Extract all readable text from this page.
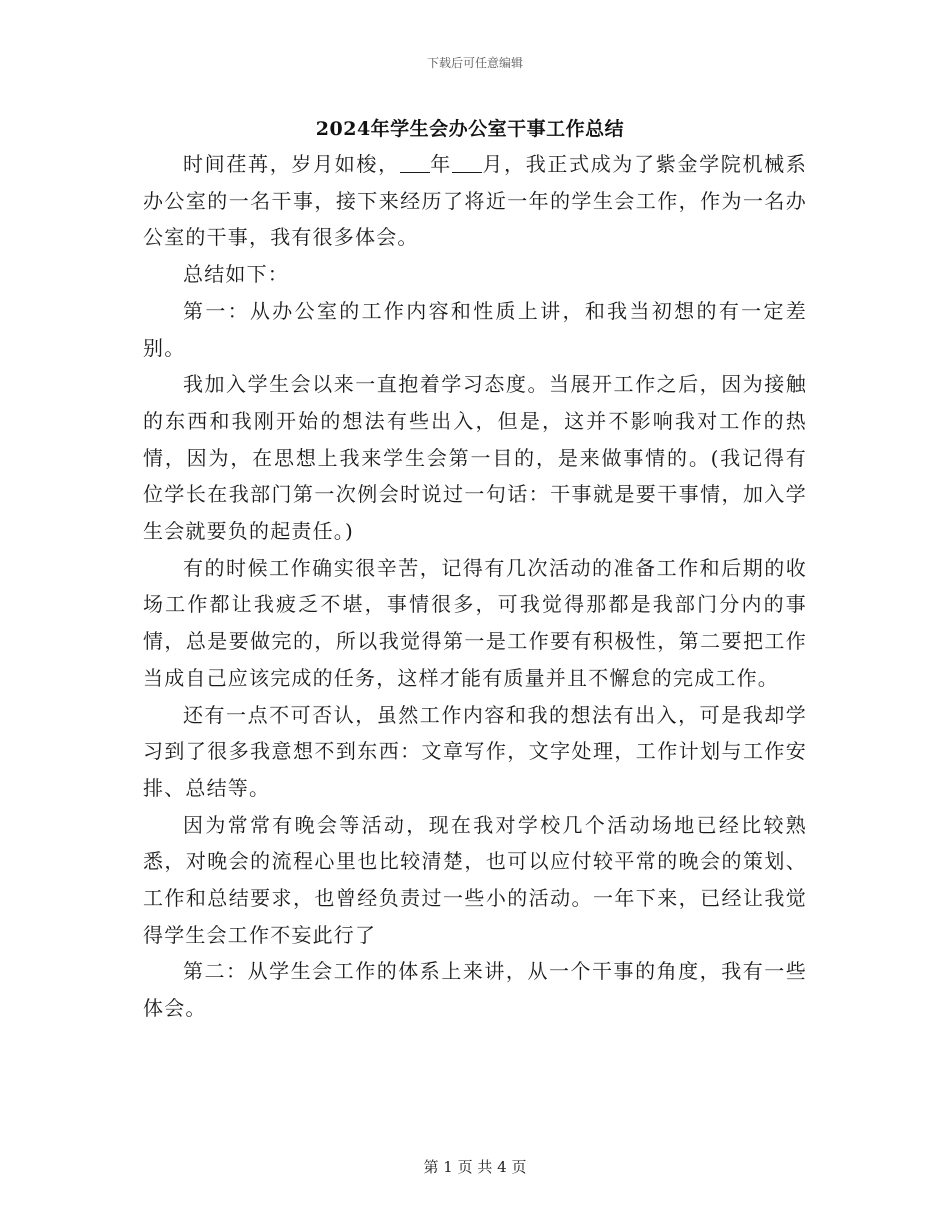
下载后可任意编辑
2024年学生会办公室干事工作总结

时间荏苒，岁月如梭， 年 月，我正式成为了紫金学院机械系办公室的一名干事，接下来经历了将近一年的学生会工作，作为一名办公室的干事，我有很多体会。

总结如下：

第一：从办公室的工作内容和性质上讲，和我当初想的有一定差别。

我加入学生会以来一直抱着学习态度。当展开工作之后，因为接触的东西和我刚开始的想法有些出入，但是，这并不影响我对工作的热情，因为，在思想上我来学生会第一目的，是来做事情的。(我记得有位学长在我部门第一次例会时说过一句话：干事就是要干事情，加入学生会就要负的起责任。)

有的时候工作确实很辛苦，记得有几次活动的准备工作和后期的收场工作都让我疲乏不堪，事情很多，可我觉得那都是我部门分内的事情，总是要做完的，所以我觉得第一是工作要有积极性，第二要把工作当成自己应该完成的任务，这样才能有质量并且不懈怠的完成工作。

还有一点不可否认，虽然工作内容和我的想法有出入，可是我却学习到了很多我意想不到东西：文章写作，文字处理，工作计划与工作安排、总结等。

因为常常有晚会等活动，现在我对学校几个活动场地已经比较熟悉，对晚会的流程心里也比较清楚，也可以应付较平常的晚会的策划、工作和总结要求，也曾经负责过一些小的活动。一年下来，已经让我觉得学生会工作不妄此行了

第二：从学生会工作的体系上来讲，从一个干事的角度，我有一些体会。

第 1 页 共 4 页
